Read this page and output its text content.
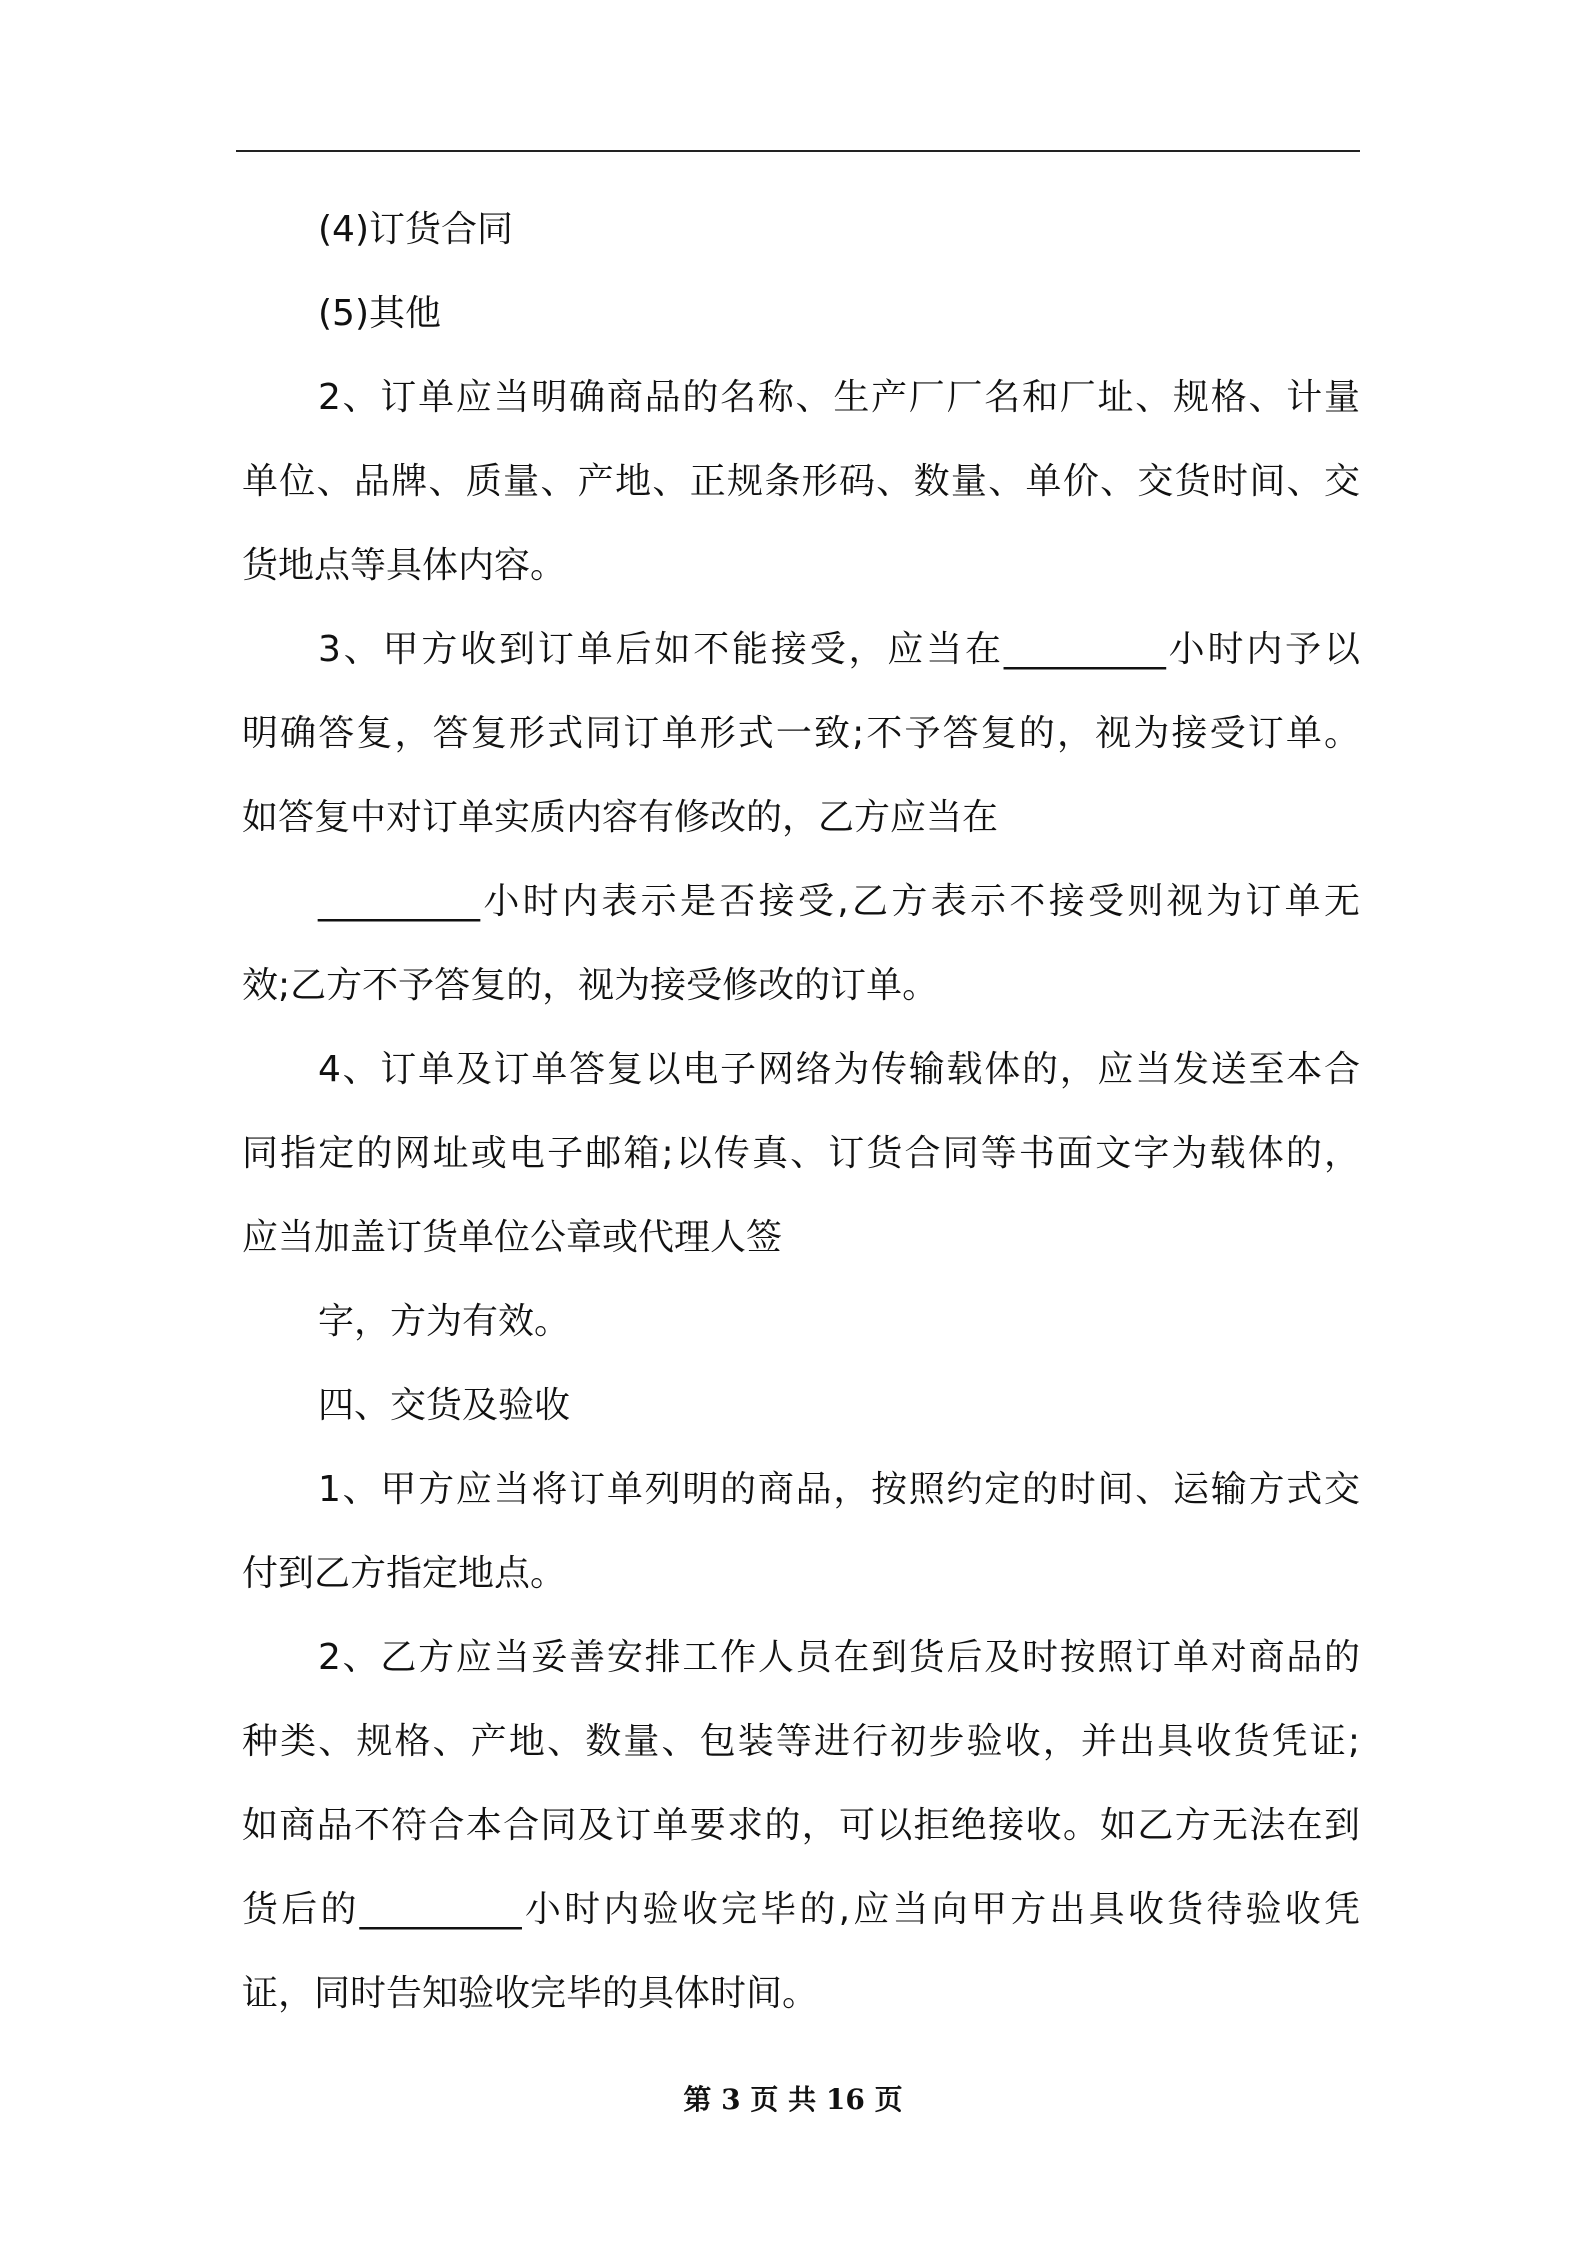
(4)订货合同
(5)其他
2、订单应当明确商品的名称、生产厂厂名和厂址、规格、计量
单位、品牌、质量、产地、正规条形码、数量、单价、交货时间、交
货地点等具体内容。
3、甲方收到订单后如不能接受，应当在_________小时内予以
明确答复，答复形式同订单形式一致;不予答复的，视为接受订单。
如答复中对订单实质内容有修改的，乙方应当在
_________小时内表示是否接受,乙方表示不接受则视为订单无
效;乙方不予答复的，视为接受修改的订单。
4、订单及订单答复以电子网络为传输载体的，应当发送至本合
同指定的网址或电子邮箱;以传真、订货合同等书面文字为载体的，
应当加盖订货单位公章或代理人签
字，方为有效。
四、交货及验收
1、甲方应当将订单列明的商品，按照约定的时间、运输方式交
付到乙方指定地点。
2、乙方应当妥善安排工作人员在到货后及时按照订单对商品的
种类、规格、产地、数量、包装等进行初步验收，并出具收货凭证;
如商品不符合本合同及订单要求的，可以拒绝接收。如乙方无法在到
货后的_________小时内验收完毕的,应当向甲方出具收货待验收凭
证，同时告知验收完毕的具体时间。
第 3 页 共 16 页
